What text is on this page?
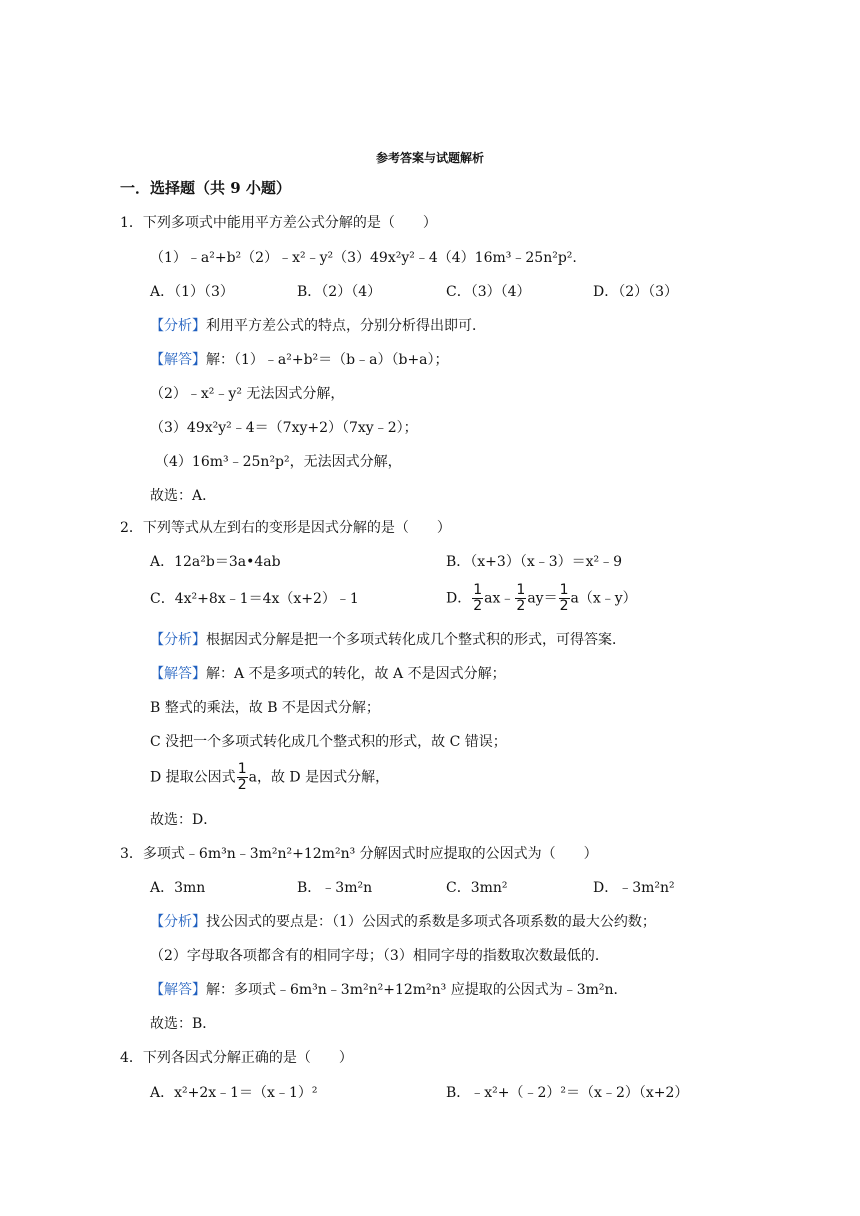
参考答案与试题解析
一．选择题（共 9 小题）
1．下列多项式中能用平方差公式分解的是（　　）
（1）﹣a²+b²（2）﹣x²﹣y²（3）49x²y²﹣4（4）16m³﹣25n²p².
A．（1）（3）	B．（2）（4）	C．（3）（4）	D．（2）（3）
【分析】利用平方差公式的特点，分别分析得出即可．
【解答】解：（1）﹣a²+b²＝（b﹣a）（b+a）；
（2）﹣x²﹣y² 无法因式分解，
（3）49x²y²﹣4＝（7xy+2）（7xy﹣2）；
（4）16m³﹣25n²p²，无法因式分解，
故选：A．
2．下列等式从左到右的变形是因式分解的是（　　）
A．12a²b＝3a•4ab	B．（x+3）（x﹣3）＝x²﹣9
C．4x²+8x﹣1＝4x（x+2）﹣1	D． $\frac{1}{2}$ ax﹣ $\frac{1}{2} ay= \frac{1}{2}$ a（x﹣y）
【分析】根据因式分解是把一个多项式转化成几个整式积的形式，可得答案．
【解答】解：A 不是多项式的转化，故 A 不是因式分解；
B 整式的乘法，故 B 不是因式分解；
C 没把一个多项式转化成几个整式积的形式，故 C 错误；
D 提取公因式 $\frac{1}{2}$ a，故 D 是因式分解，
故选：D．
3．多项式﹣6m³n﹣3m²n²+12m²n³ 分解因式时应提取的公因式为（　　）
A．3mn	B．﹣3m²n	C．3mn²	D．﹣3m²n²
【分析】找公因式的要点是：（1）公因式的系数是多项式各项系数的最大公约数；
（2）字母取各项都含有的相同字母；（3）相同字母的指数取次数最低的．
【解答】解：多项式﹣6m³n﹣3m²n²+12m²n³ 应提取的公因式为﹣3m²n．
故选：B．
4．下列各因式分解正确的是（　　）
A．x²+2x﹣1＝（x﹣1）²	B．﹣x²+（﹣2）²＝（x﹣2）（x+2）
